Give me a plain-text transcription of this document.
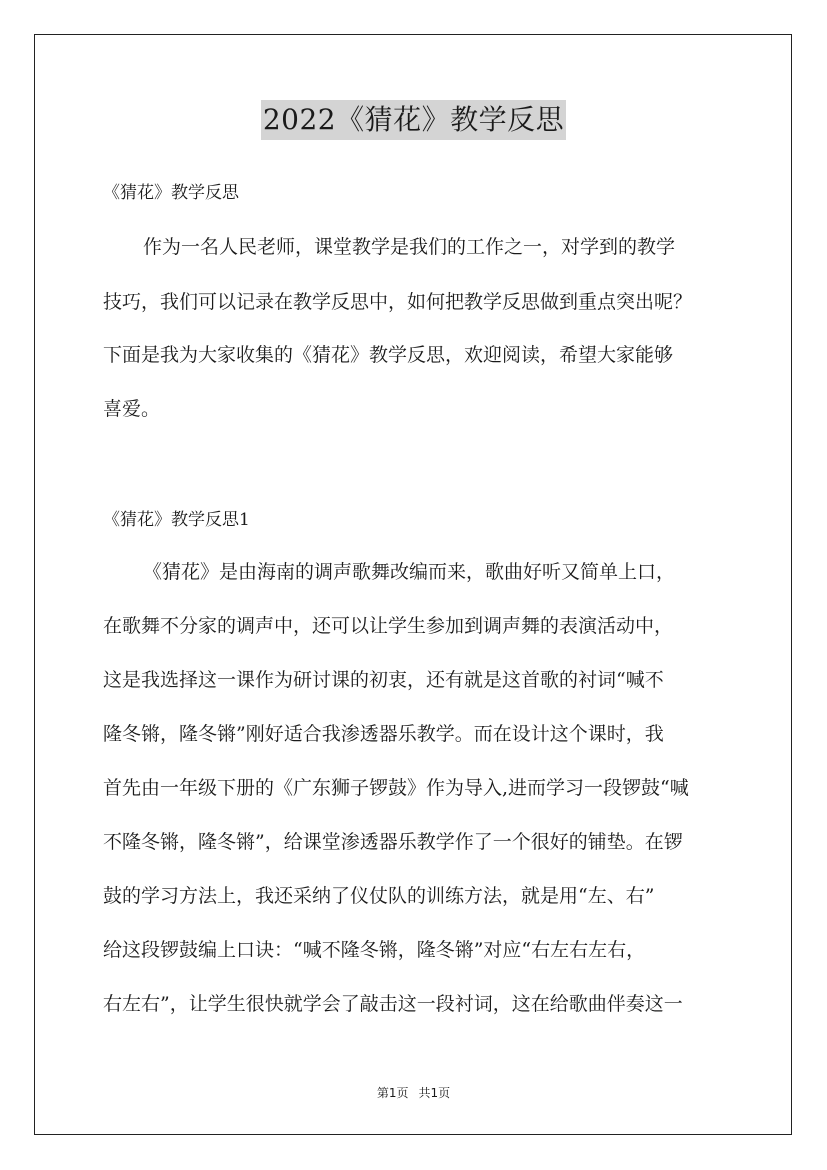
2022《猜花》教学反思
《猜花》教学反思
作为一名人民老师，课堂教学是我们的工作之一，对学到的教学
技巧，我们可以记录在教学反思中，如何把教学反思做到重点突出呢？
下面是我为大家收集的《猜花》教学反思，欢迎阅读，希望大家能够
喜爱。
《猜花》教学反思1
《猜花》是由海南的调声歌舞改编而来，歌曲好听又简单上口，
在歌舞不分家的调声中，还可以让学生参加到调声舞的表演活动中，
这是我选择这一课作为研讨课的初衷，还有就是这首歌的衬词“喊不
隆冬锵，隆冬锵”刚好适合我渗透器乐教学。而在设计这个课时，我
首先由一年级下册的《广东狮子锣鼓》作为导入,进而学习一段锣鼓“喊
不隆冬锵，隆冬锵”，给课堂渗透器乐教学作了一个很好的铺垫。在锣
鼓的学习方法上，我还采纳了仪仗队的训练方法，就是用“左、右”
给这段锣鼓编上口诀：“喊不隆冬锵，隆冬锵”对应“右左右左右，
右左右”，让学生很快就学会了敲击这一段衬词，这在给歌曲伴奏这一
第1页 共1页
